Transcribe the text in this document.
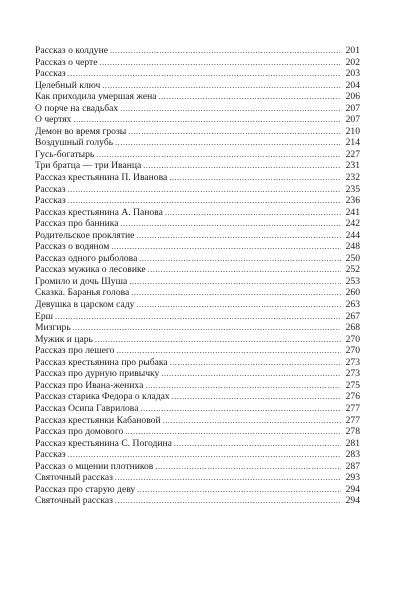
Рассказ о колдуне .....	201
Рассказ о черте .....	202
Рассказ .....	203
Целебный ключ .....	204
Как приходила умершая жена .....	206
О порче на свадьбах .....	207
О чертях .....	207
Демон во время грозы .....	210
Воздушный голубь .....	214
Гусь-богатырь .....	227
Три братца — три Иванца .....	231
Рассказ крестьянина П. Иванова .....	232
Рассказ .....	235
Рассказ .....	236
Рассказ крестьянина А. Панова .....	241
Рассказ про банника .....	242
Родительское проклятие .....	244
Рассказ о водяном .....	248
Рассказ одного рыболова .....	250
Рассказ мужика о лесовике .....	252
Громило и дочь Шуша .....	253
Сказка. Баранья голова .....	260
Девушка в царском саду .....	263
Ерш .....	267
Мизгирь .....	268
Мужик и царь .....	270
Рассказ про лешего .....	270
Рассказ крестьянина про рыбака .....	273
Рассказ про дурную привычку .....	273
Рассказ про Ивана-жениха .....	275
Рассказ старика Федора о кладах .....	276
Рассказ Осипа Гаврилова .....	277
Рассказ крестьянки Кабановой .....	277
Рассказ про домового .....	278
Рассказ крестьянина С. Погодина .....	281
Рассказ .....	283
Рассказ о мщении плотников .....	287
Святочный рассказ .....	293
Рассказ про старую деву .....	294
Святочный рассказ .....	294
